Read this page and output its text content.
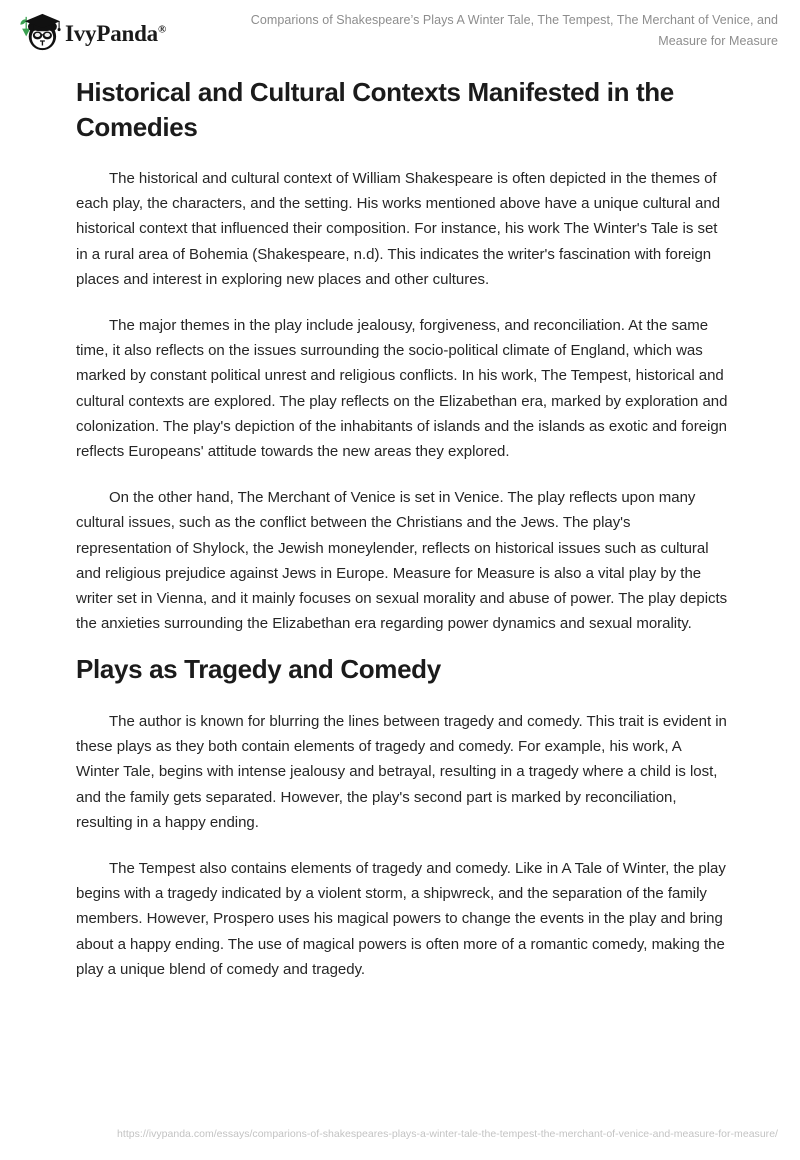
IvyPanda®
Comparions of Shakespeare’s Plays A Winter Tale, The Tempest, The Merchant of Venice, and Measure for Measure
Historical and Cultural Contexts Manifested in the Comedies

The historical and cultural context of William Shakespeare is often depicted in the themes of each play, the characters, and the setting. His works mentioned above have a unique cultural and historical context that influenced their composition. For instance, his work The Winter's Tale is set in a rural area of Bohemia (Shakespeare, n.d). This indicates the writer's fascination with foreign places and interest in exploring new places and other cultures.

The major themes in the play include jealousy, forgiveness, and reconciliation. At the same time, it also reflects on the issues surrounding the socio-political climate of England, which was marked by constant political unrest and religious conflicts. In his work, The Tempest, historical and cultural contexts are explored. The play reflects on the Elizabethan era, marked by exploration and colonization. The play's depiction of the inhabitants of islands and the islands as exotic and foreign reflects Europeans' attitude towards the new areas they explored.

On the other hand, The Merchant of Venice is set in Venice. The play reflects upon many cultural issues, such as the conflict between the Christians and the Jews. The play's representation of Shylock, the Jewish moneylender, reflects on historical issues such as cultural and religious prejudice against Jews in Europe. Measure for Measure is also a vital play by the writer set in Vienna, and it mainly focuses on sexual morality and abuse of power. The play depicts the anxieties surrounding the Elizabethan era regarding power dynamics and sexual morality.

Plays as Tragedy and Comedy

The author is known for blurring the lines between tragedy and comedy. This trait is evident in these plays as they both contain elements of tragedy and comedy. For example, his work, A Winter Tale, begins with intense jealousy and betrayal, resulting in a tragedy where a child is lost, and the family gets separated. However, the play's second part is marked by reconciliation, resulting in a happy ending.

The Tempest also contains elements of tragedy and comedy. Like in A Tale of Winter, the play begins with a tragedy indicated by a violent storm, a shipwreck, and the separation of the family members. However, Prospero uses his magical powers to change the events in the play and bring about a happy ending. The use of magical powers is often more of a romantic comedy, making the play a unique blend of comedy and tragedy.

https://ivypanda.com/essays/comparions-of-shakespeares-plays-a-winter-tale-the-tempest-the-merchant-of-venice-and-measure-for-measure/
